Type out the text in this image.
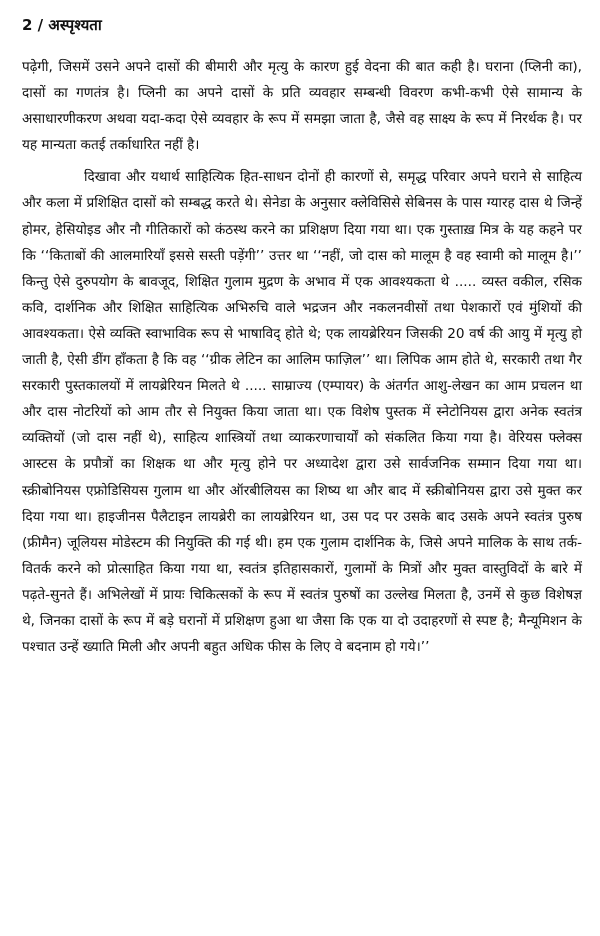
2 / अस्पृश्यता

पढ़ेगी, जिसमें उसने अपने दासों की बीमारी और मृत्यु के कारण हुई वेदना की बात कही है। घराना (प्लिनी का), दासों का गणतंत्र है। प्लिनी का अपने दासों के प्रति व्यवहार सम्बन्धी विवरण कभी-कभी ऐसे सामान्य के असाधारणीकरण अथवा यदा-कदा ऐसे व्यवहार के रूप में समझा जाता है, जैसे वह साक्ष्य के रूप में निरर्थक है। पर यह मान्यता कतई तर्काधारित नहीं है।

दिखावा और यथार्थ साहित्यिक हित-साधन दोनों ही कारणों से, समृद्ध परिवार अपने घराने से साहित्य और कला में प्रशिक्षित दासों को सम्बद्ध करते थे। सेनेडा के अनुसार क्लेविसिसे सेबिनस के पास ग्यारह दास थे जिन्हें होमर, हेसियोइड और नौ गीतिकारों को कंठस्थ करने का प्रशिक्षण दिया गया था। एक गुस्ताख़ मित्र के यह कहने पर कि ‘‘किताबों की आलमारियाँ इससे सस्ती पड़ेंगी’’ उत्तर था ‘‘नहीं, जो दास को मालूम है वह स्वामी को मालूम है।’’ किन्तु ऐसे दुरुपयोग के बावजूद, शिक्षित गुलाम मुद्रण के अभाव में एक आवश्यकता थे ..... व्यस्त वकील, रसिक कवि, दार्शनिक और शिक्षित साहित्यिक अभिरुचि वाले भद्रजन और नकलनवीसों तथा पेशकारों एवं मुंशियों की आवश्यकता। ऐसे व्यक्ति स्वाभाविक रूप से भाषाविद् होते थे; एक लायब्रेरियन जिसकी 20 वर्ष की आयु में मृत्यु हो जाती है, ऐसी डींग हाँकता है कि वह ‘‘ग्रीक लेटिन का आलिम फाज़िल’’ था। लिपिक आम होते थे, सरकारी तथा गैर सरकारी पुस्तकालयों में लायब्रेरियन मिलते थे ..... साम्राज्य (एम्पायर) के अंतर्गत आशु-लेखन का आम प्रचलन था और दास नोटरियों को आम तौर से नियुक्त किया जाता था। एक विशेष पुस्तक में स्नेटोनियस द्वारा अनेक स्वतंत्र व्यक्तियों (जो दास नहीं थे), साहित्य शास्त्रियों तथा व्याकरणाचार्यों को संकलित किया गया है। वेरियस फ्लेक्स आस्टस के प्रपौत्रों का शिक्षक था और मृत्यु होने पर अध्यादेश द्वारा उसे सार्वजनिक सम्मान दिया गया था। स्क्रीबोनियस एफ्रोडिसियस गुलाम था और ऑरबीलियस का शिष्य था और बाद में स्क्रीबोनियस द्वारा उसे मुक्त कर दिया गया था। हाइजीनस पैलैटाइन लायब्रेरी का लायब्रेरियन था, उस पद पर उसके बाद उसके अपने स्वतंत्र पुरुष (फ्रीमैन) जूलियस मोडेस्टम की नियुक्ति की गई थी। हम एक गुलाम दार्शनिक के, जिसे अपने मालिक के साथ तर्क-वितर्क करने को प्रोत्साहित किया गया था, स्वतंत्र इतिहासकारों, गुलामों के मित्रों और मुक्त वास्तुविदों के बारे में पढ़ते-सुनते हैं। अभिलेखों में प्रायः चिकित्सकों के रूप में स्वतंत्र पुरुषों का उल्लेख मिलता है, उनमें से कुछ विशेषज्ञ थे, जिनका दासों के रूप में बड़े घरानों में प्रशिक्षण हुआ था जैसा कि एक या दो उदाहरणों से स्पष्ट है; मैन्यूमिशन के पश्चात उन्हें ख्याति मिली और अपनी बहुत अधिक फीस के लिए वे बदनाम हो गये।’’
